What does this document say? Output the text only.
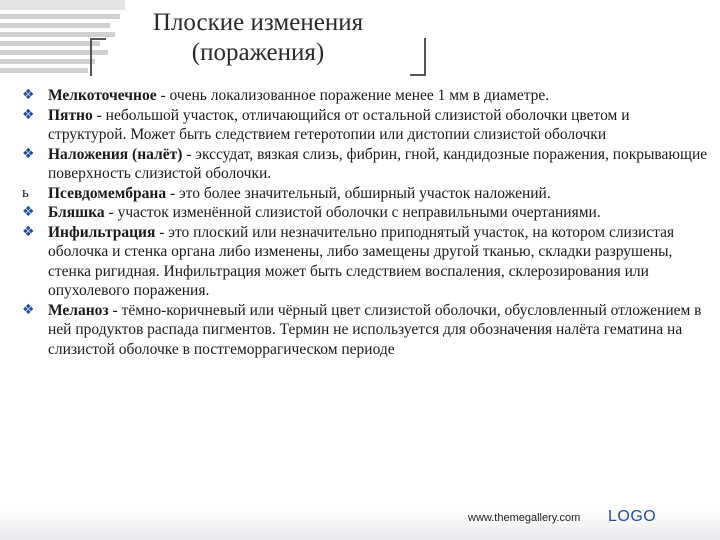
Плоские изменения
(поражения)
❖ Мелкоточечное - очень локализованное поражение менее 1 мм в диаметре.
❖ Пятно - небольшой участок, отличающийся от остальной слизистой оболочки цветом и структурой. Может быть следствием гетеротопии или дистопии слизистой оболочки
❖ Наложения (налёт) - экссудат, вязкая слизь, фибрин, гной, кандидозные поражения, покрывающие поверхность слизистой оболочки.
ь	Псевдомембрана - это более значительный, обширный участок наложений.
❖ Бляшка - участок изменённой слизистой оболочки с неправильными очертаниями.
❖ Инфильтрация - это плоский или незначительно приподнятый участок, на котором слизистая оболочка и стенка органа либо изменены, либо замещены другой тканью, складки разрушены, стенка ригидная. Инфильтрация может быть следствием воспаления, склерозирования или опухолевого поражения.
❖ Меланоз - тёмно-коричневый или чёрный цвет слизистой оболочки, обусловленный отложением в ней продуктов распада пигментов. Термин не используется для обозначения налёта гематина на слизистой оболочке в постгеморрагическом периоде
www.themegallery.com LOGO
